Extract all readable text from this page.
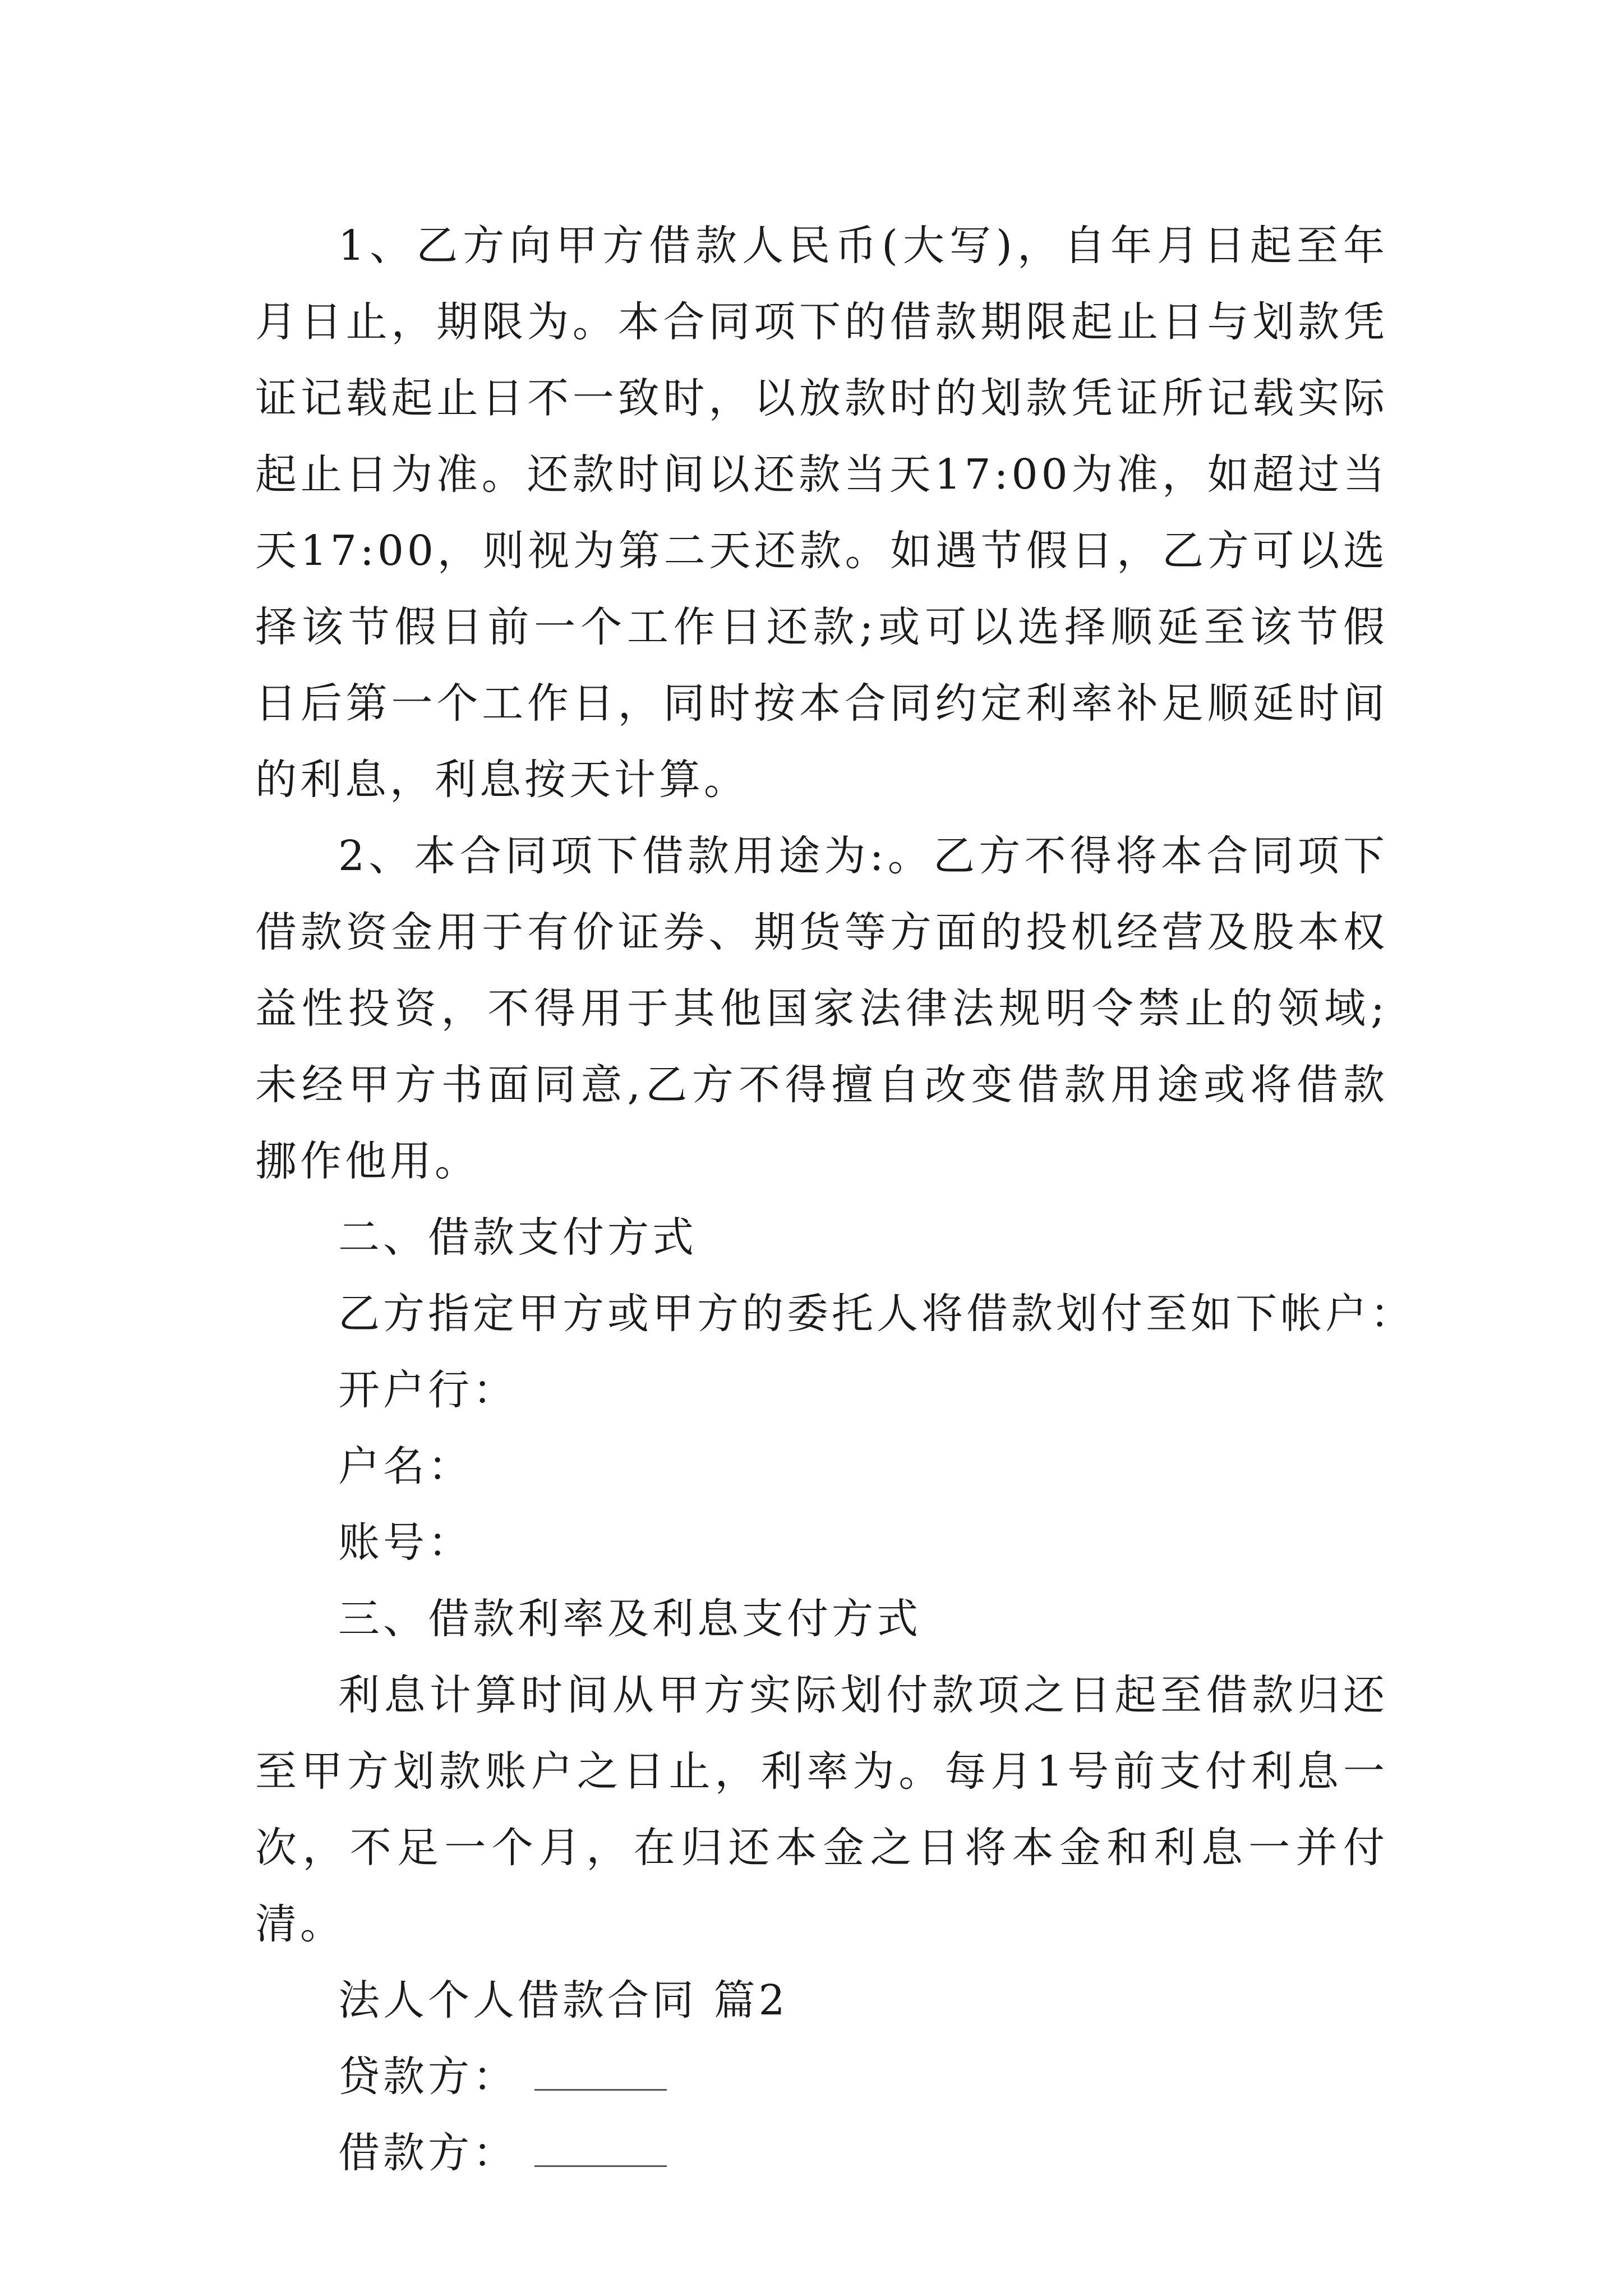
1、乙方向甲方借款人民币(大写)，自年月日起至年月日止，期限为。本合同项下的借款期限起止日与划款凭证记载起止日不一致时，以放款时的划款凭证所记载实际起止日为准。还款时间以还款当天17:00为准，如超过当天17:00，则视为第二天还款。如遇节假日，乙方可以选择该节假日前一个工作日还款;或可以选择顺延至该节假日后第一个工作日，同时按本合同约定利率补足顺延时间的利息，利息按天计算。

2、本合同项下借款用途为:。乙方不得将本合同项下借款资金用于有价证券、期货等方面的投机经营及股本权益性投资，不得用于其他国家法律法规明令禁止的领域;未经甲方书面同意,乙方不得擅自改变借款用途或将借款挪作他用。

二、借款支付方式

乙方指定甲方或甲方的委托人将借款划付至如下帐户：

开户行：

户名：

账号：

三、借款利率及利息支付方式

利息计算时间从甲方实际划付款项之日起至借款归还至甲方划款账户之日止，利率为。每月1号前支付利息一次，不足一个月，在归还本金之日将本金和利息一并付清。

法人个人借款合同 篇2

贷款方：

借款方：
